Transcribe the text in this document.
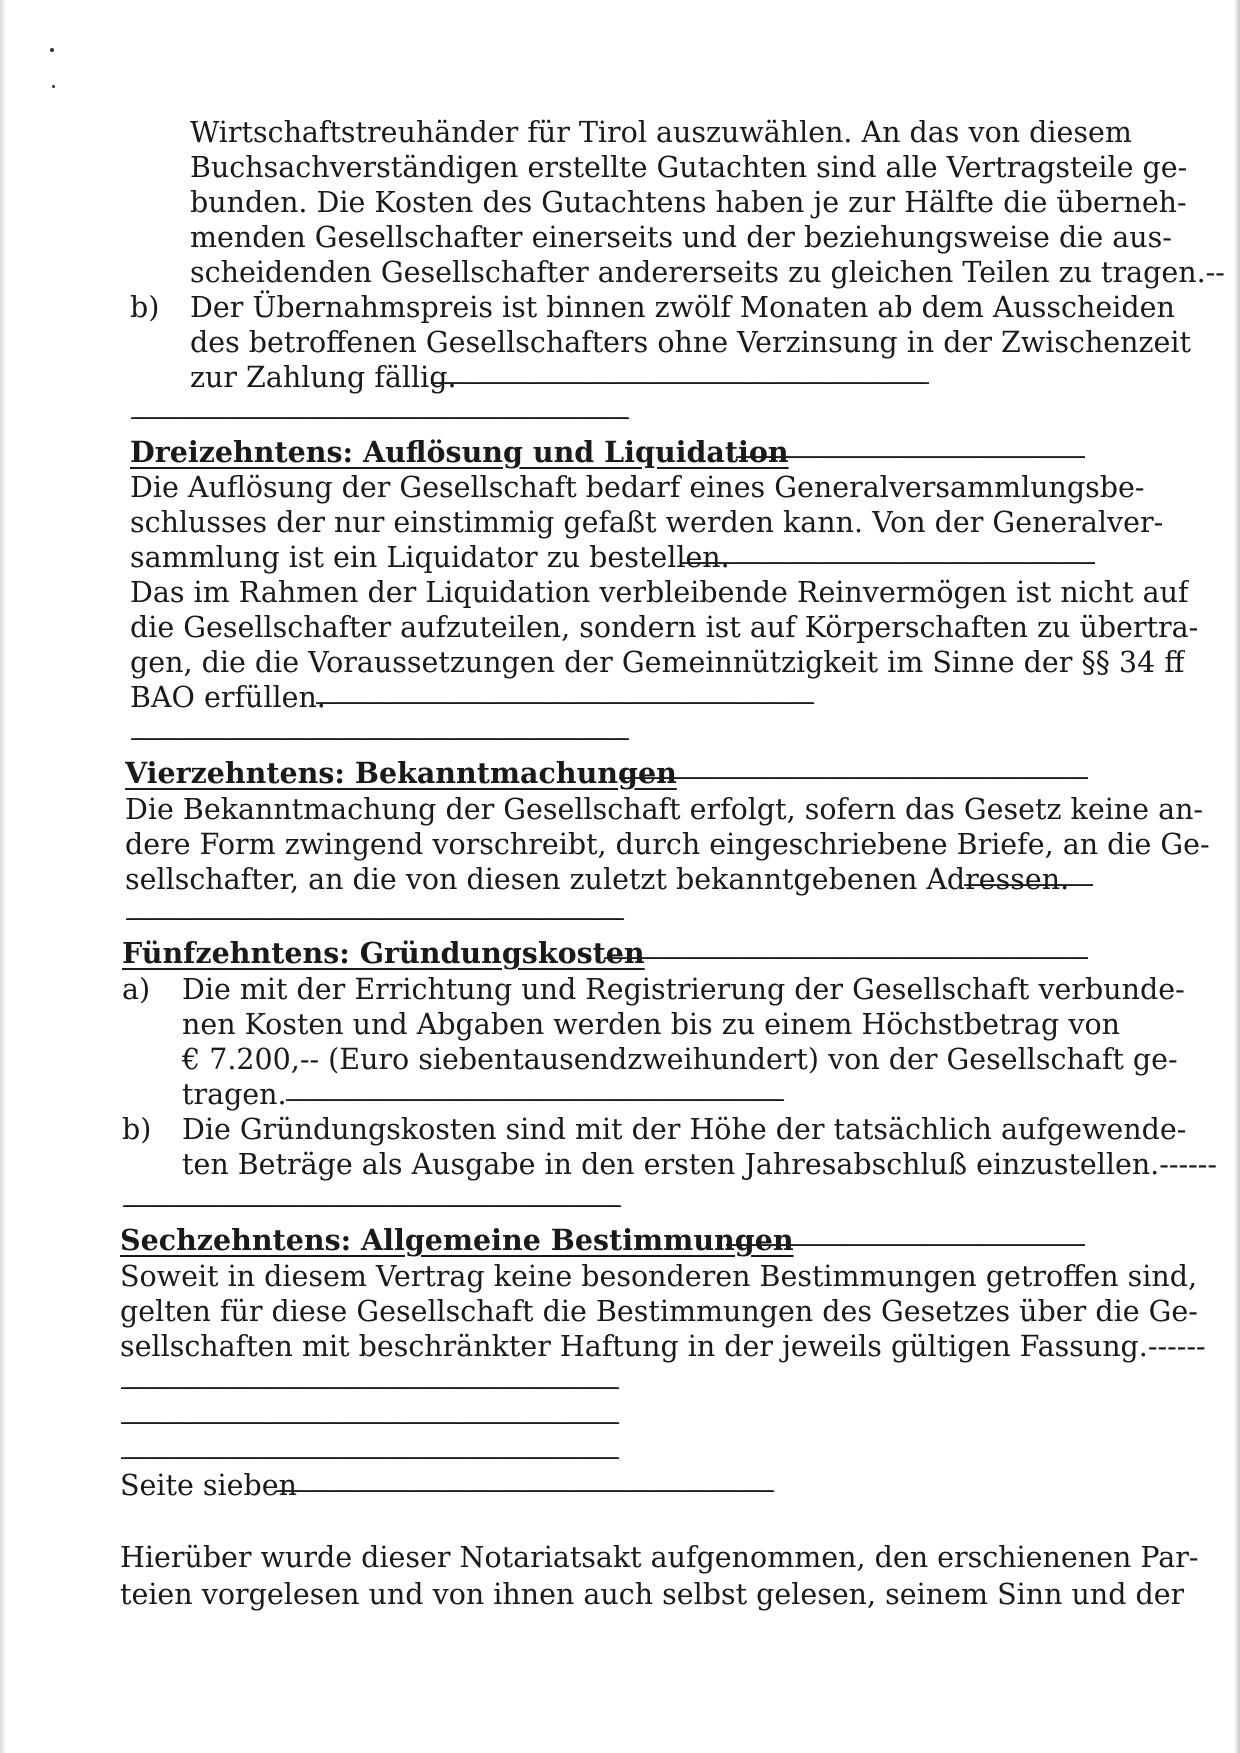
Wirtschaftstreuhänder für Tirol auszuwählen. An das von diesem
Buchsachverständigen erstellte Gutachten sind alle Vertragsteile ge-
bunden. Die Kosten des Gutachtens haben je zur Hälfte die überneh-
menden Gesellschafter einerseits und der beziehungsweise die aus-
scheidenden Gesellschafter andererseits zu gleichen Teilen zu tragen.--
b) Der Übernahmspreis ist binnen zwölf Monaten ab dem Ausscheiden
des betroffenen Gesellschafters ohne Verzinsung in der Zwischenzeit
zur Zahlung fällig.
- - -
- - -
Dreizehntens: Auflösung und Liquidation
- - -
Die Auflösung der Gesellschaft bedarf eines Generalversammlungsbe-
schlusses der nur einstimmig gefaßt werden kann. Von der Generalver-
sammlung ist ein Liquidator zu bestellen.
- - -
Das im Rahmen der Liquidation verbleibende Reinvermögen ist nicht auf
die Gesellschafter aufzuteilen, sondern ist auf Körperschaften zu übertra-
gen, die die Voraussetzungen der Gemeinnützigkeit im Sinne der §§ 34 ff
BAO erfüllen.
- - -
- - -
Vierzehntens: Bekanntmachungen
- - -
Die Bekanntmachung der Gesellschaft erfolgt, sofern das Gesetz keine an-
dere Form zwingend vorschreibt, durch eingeschriebene Briefe, an die Ge-
sellschafter, an die von diesen zuletzt bekanntgebenen Adressen.
- - -
- - -
Fünfzehntens: Gründungskosten
- - -
a) Die mit der Errichtung und Registrierung der Gesellschaft verbunde-
nen Kosten und Abgaben werden bis zu einem Höchstbetrag von
€ 7.200,-- (Euro siebentausendzweihundert) von der Gesellschaft ge-
tragen.
- - -
b) Die Gründungskosten sind mit der Höhe der tatsächlich aufgewende-
ten Beträge als Ausgabe in den ersten Jahresabschluß einzustellen.------
- - -
Sechzehntens: Allgemeine Bestimmungen
- - -
Soweit in diesem Vertrag keine besonderen Bestimmungen getroffen sind,
gelten für diese Gesellschaft die Bestimmungen des Gesetzes über die Ge-
sellschaften mit beschränkter Haftung in der jeweils gültigen Fassung.------
- - -
- - -
- - -
Seite sieben
- - -
Hierüber wurde dieser Notariatsakt aufgenommen, den erschienenen Par-
teien vorgelesen und von ihnen auch selbst gelesen, seinem Sinn und der
